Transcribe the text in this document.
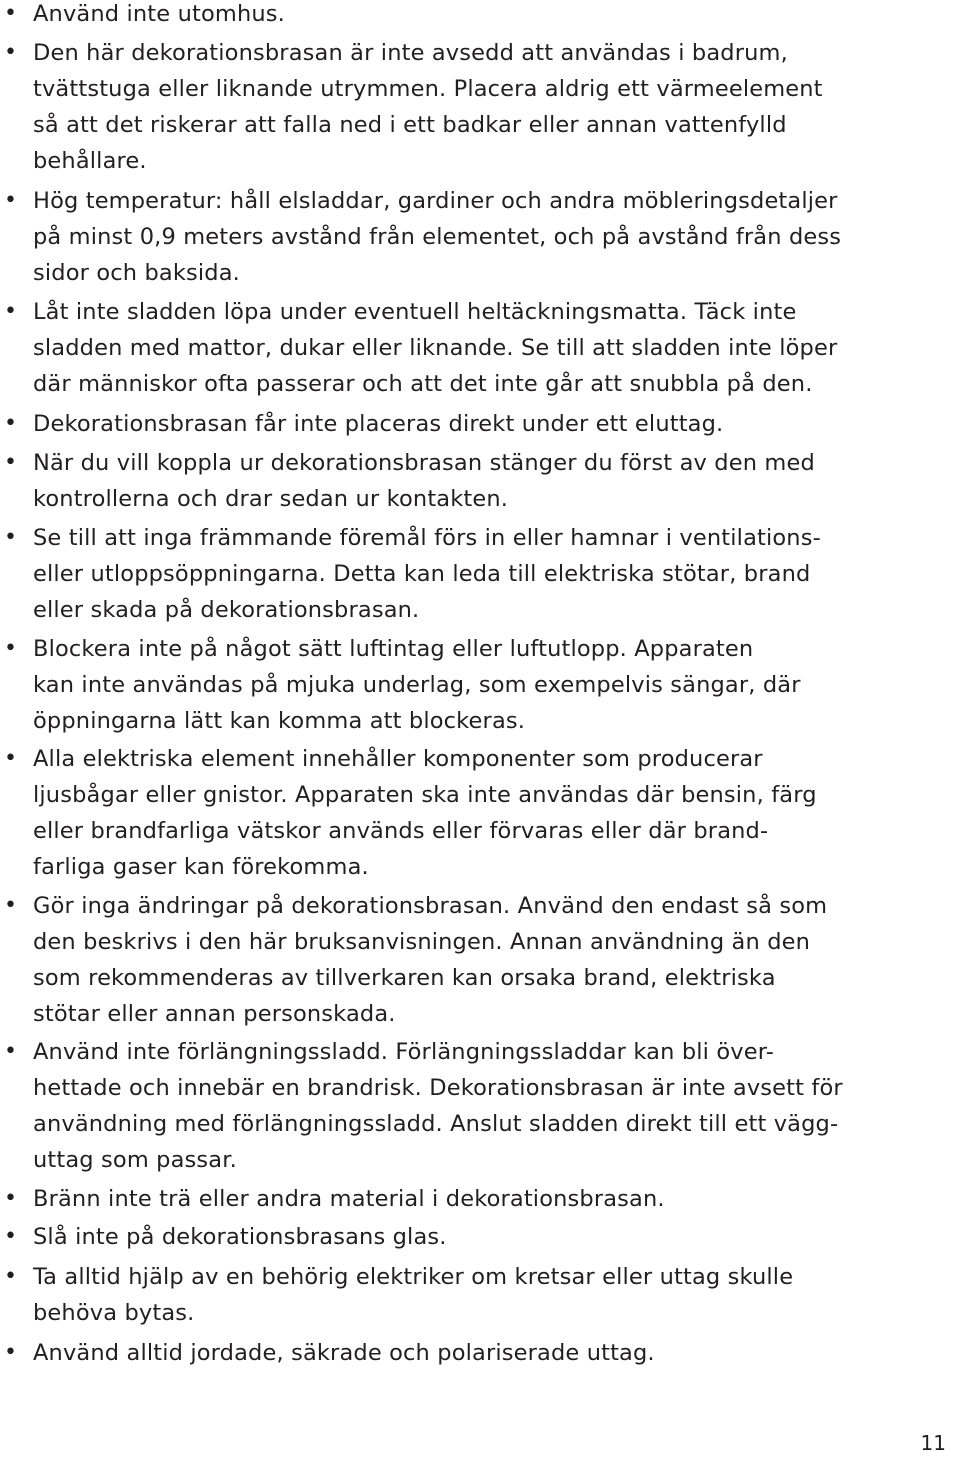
• Använd inte utomhus.
• Den här dekorationsbrasan är inte avsedd att användas i badrum,
tvättstuga eller liknande utrymmen. Placera aldrig ett värmeelement
så att det riskerar att falla ned i ett badkar eller annan vattenfylld
behållare.
• Hög temperatur: håll elsladdar, gardiner och andra möbleringsdetaljer
på minst 0,9 meters avstånd från elementet, och på avstånd från dess
sidor och baksida.
• Låt inte sladden löpa under eventuell heltäckningsmatta. Täck inte
sladden med mattor, dukar eller liknande. Se till att sladden inte löper
där människor ofta passerar och att det inte går att snubbla på den.
• Dekorationsbrasan får inte placeras direkt under ett eluttag.
• När du vill koppla ur dekorationsbrasan stänger du först av den med
kontrollerna och drar sedan ur kontakten.
• Se till att inga främmande föremål förs in eller hamnar i ventilations-
eller utloppsöppningarna. Detta kan leda till elektriska stötar, brand
eller skada på dekorationsbrasan.
• Blockera inte på något sätt luftintag eller luftutlopp. Apparaten
kan inte användas på mjuka underlag, som exempelvis sängar, där
öppningarna lätt kan komma att blockeras.
• Alla elektriska element innehåller komponenter som producerar
ljusbågar eller gnistor. Apparaten ska inte användas där bensin, färg
eller brandfarliga vätskor används eller förvaras eller där brand-
farliga gaser kan förekomma.
• Gör inga ändringar på dekorationsbrasan. Använd den endast så som
den beskrivs i den här bruksanvisningen. Annan användning än den
som rekommenderas av tillverkaren kan orsaka brand, elektriska
stötar eller annan personskada.
• Använd inte förlängningssladd. Förlängningssladdar kan bli över-
hettade och innebär en brandrisk. Dekorationsbrasan är inte avsett för
användning med förlängningssladd. Anslut sladden direkt till ett vägg-
uttag som passar.
• Bränn inte trä eller andra material i dekorationsbrasan.
• Slå inte på dekorationsbrasans glas.
• Ta alltid hjälp av en behörig elektriker om kretsar eller uttag skulle
behöva bytas.
• Använd alltid jordade, säkrade och polariserade uttag.
11
